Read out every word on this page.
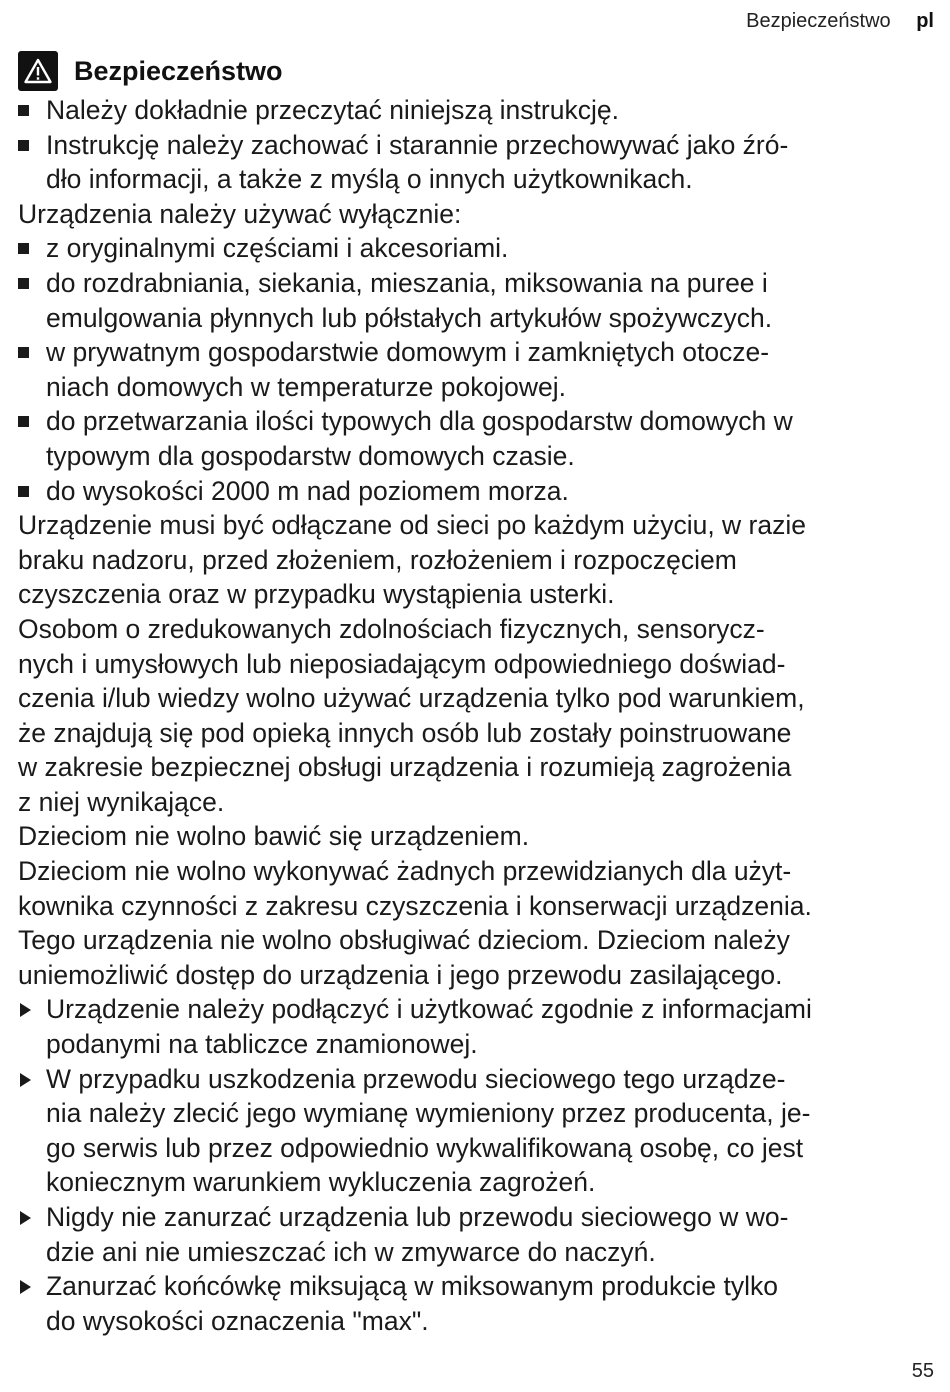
Bezpieczeństwo pl
Bezpieczeństwo
Należy dokładnie przeczytać niniejszą instrukcję.
Instrukcję należy zachować i starannie przechowywać jako źró-
dło informacji, a także z myślą o innych użytkownikach.
Urządzenia należy używać wyłącznie:
z oryginalnymi częściami i akcesoriami.
do rozdrabniania, siekania, mieszania, miksowania na puree i
emulgowania płynnych lub półstałych artykułów spożywczych.
w prywatnym gospodarstwie domowym i zamkniętych otocze-
niach domowych w temperaturze pokojowej.
do przetwarzania ilości typowych dla gospodarstw domowych w
typowym dla gospodarstw domowych czasie.
do wysokości 2000 m nad poziomem morza.
Urządzenie musi być odłączane od sieci po każdym użyciu, w razie
braku nadzoru, przed złożeniem, rozłożeniem i rozpoczęciem
czyszczenia oraz w przypadku wystąpienia usterki.
Osobom o zredukowanych zdolnościach fizycznych, sensorycz-
nych i umysłowych lub nieposiadającym odpowiedniego doświad-
czenia i/lub wiedzy wolno używać urządzenia tylko pod warunkiem,
że znajdują się pod opieką innych osób lub zostały poinstruowane
w zakresie bezpiecznej obsługi urządzenia i rozumieją zagrożenia
z niej wynikające.
Dzieciom nie wolno bawić się urządzeniem.
Dzieciom nie wolno wykonywać żadnych przewidzianych dla użyt-
kownika czynności z zakresu czyszczenia i konserwacji urządzenia.
Tego urządzenia nie wolno obsługiwać dzieciom. Dzieciom należy
uniemożliwić dostęp do urządzenia i jego przewodu zasilającego.
Urządzenie należy podłączyć i użytkować zgodnie z informacjami
podanymi na tabliczce znamionowej.
W przypadku uszkodzenia przewodu sieciowego tego urządze-
nia należy zlecić jego wymianę wymieniony przez producenta, je-
go serwis lub przez odpowiednio wykwalifikowaną osobę, co jest
koniecznym warunkiem wykluczenia zagrożeń.
Nigdy nie zanurzać urządzenia lub przewodu sieciowego w wo-
dzie ani nie umieszczać ich w zmywarce do naczyń.
Zanurzać końcówkę miksującą w miksowanym produkcie tylko
do wysokości oznaczenia "max".
55
